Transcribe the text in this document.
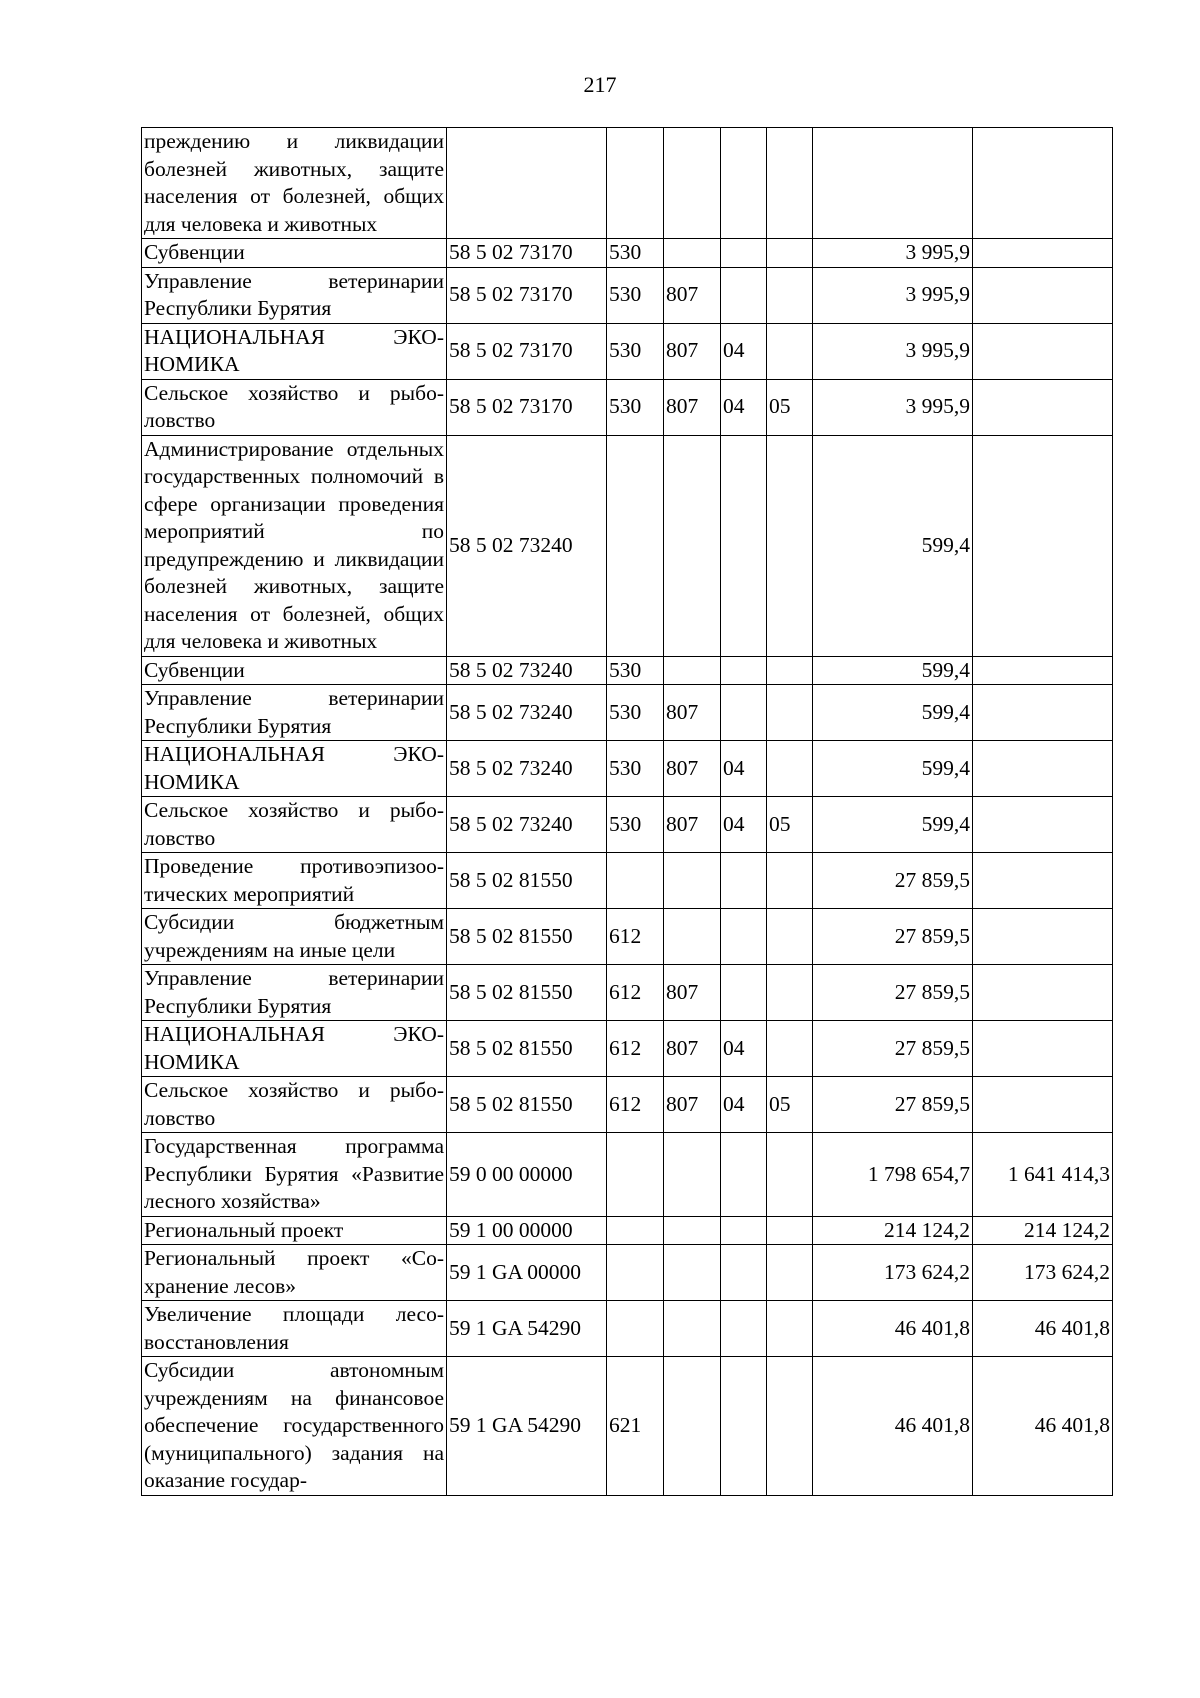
217
преждению и ликвидации болезней животных, защите населения от болезней, общих для человека и животных							
Субвенции	58 5 02 73170	530				3 995,9	
Управление ветеринарии Республики Бурятия	58 5 02 73170	530	807			3 995,9	
НАЦИОНАЛЬНАЯ ЭКОНОМИКА	58 5 02 73170	530	807	04		3 995,9	
Сельское хозяйство и рыболовство	58 5 02 73170	530	807	04	05	3 995,9	
Администрирование отдельных государственных полномочий в сфере организации проведения мероприятий по предупреждению и ликвидации болезней животных, защите населения от болезней, общих для человека и животных	58 5 02 73240					599,4	
Субвенции	58 5 02 73240	530				599,4	
Управление ветеринарии Республики Бурятия	58 5 02 73240	530	807			599,4	
НАЦИОНАЛЬНАЯ ЭКОНОМИКА	58 5 02 73240	530	807	04		599,4	
Сельское хозяйство и рыболовство	58 5 02 73240	530	807	04	05	599,4	
Проведение противоэпизоотических мероприятий	58 5 02 81550					27 859,5	
Субсидии бюджетным учреждениям на иные цели	58 5 02 81550	612				27 859,5	
Управление ветеринарии Республики Бурятия	58 5 02 81550	612	807			27 859,5	
НАЦИОНАЛЬНАЯ ЭКОНОМИКА	58 5 02 81550	612	807	04		27 859,5	
Сельское хозяйство и рыболовство	58 5 02 81550	612	807	04	05	27 859,5	
Государственная программа Республики Бурятия «Развитие лесного хозяйства»	59 0 00 00000					1 798 654,7	1 641 414,3
Региональный проект	59 1 00 00000					214 124,2	214 124,2
Региональный проект «Сохранение лесов»	59 1 GA 00000					173 624,2	173 624,2
Увеличение площади лесовосстановления	59 1 GA 54290					46 401,8	46 401,8
Субсидии автономным учреждениям на финансовое обеспечение государственного (муниципального) задания на оказание государ-	59 1 GA 54290	621				46 401,8	46 401,8
